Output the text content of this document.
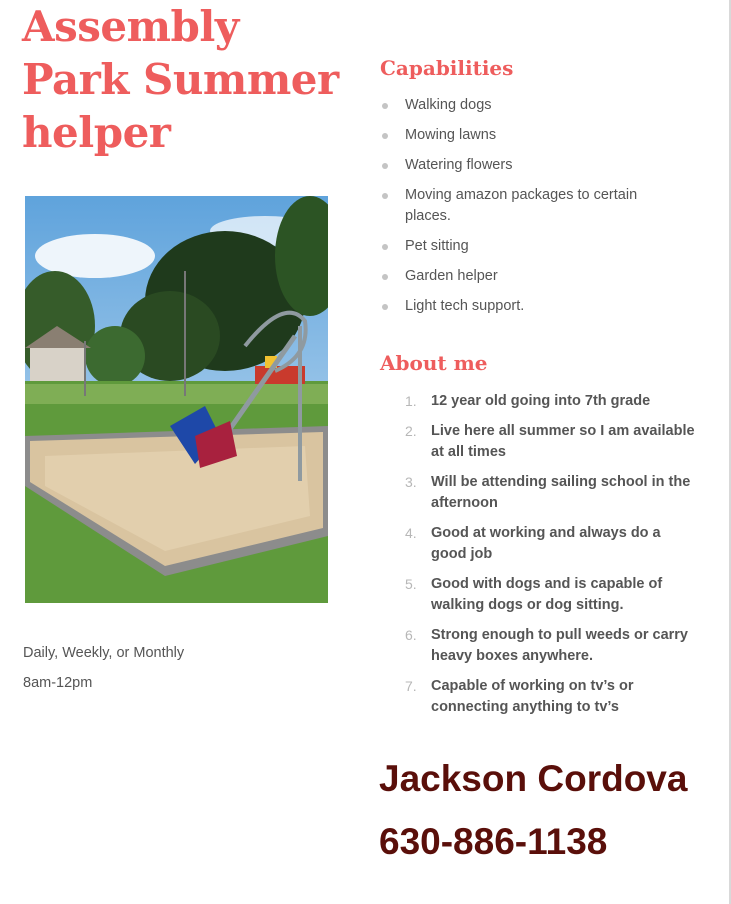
Assembly Park Summer helper
Daily, Weekly, or Monthly
8am-12pm
Capabilities
Walking dogs
Mowing lawns
Watering flowers
Moving amazon packages to certain places.
Pet sitting
Garden helper
Light tech support.
About me
1. 12 year old going into 7th grade
2. Live here all summer so I am available at all times
3. Will be attending sailing school in the afternoon
4. Good at working and always do a good job
5. Good with dogs and is capable of walking dogs or dog sitting.
6. Strong enough to pull weeds or carry heavy boxes anywhere.
7. Capable of working on tv’s or connecting anything to tv’s
Jackson Cordova
630-886-1138
